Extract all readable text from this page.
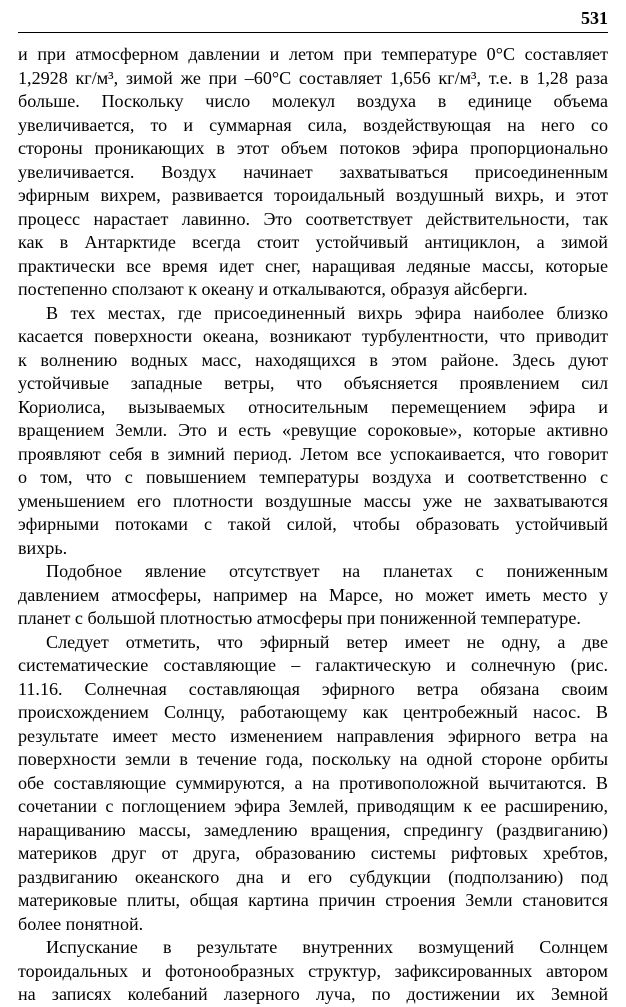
531
и при атмосферном давлении и летом при температуре 0°С составляет
1,2928 кг/м³, зимой же при –60°С составляет 1,656 кг/м³, т.е. в 1,28 раза
больше. Поскольку число молекул воздуха в единице объема
увеличивается, то и суммарная сила, воздействующая на него со
стороны проникающих в этот объем потоков эфира пропорционально
увеличивается. Воздух начинает захватываться присоединенным
эфирным вихрем, развивается тороидальный воздушный вихрь, и этот
процесс нарастает лавинно. Это соответствует действительности, так
как в Антарктиде всегда стоит устойчивый антициклон, а зимой
практически все время идет снег, наращивая ледяные массы, которые
постепенно сползают к океану и откалываются, образуя айсберги.
В тех местах, где присоединенный вихрь эфира наиболее близко
касается поверхности океана, возникают турбулентности, что приводит
к волнению водных масс, находящихся в этом районе. Здесь дуют
устойчивые западные ветры, что объясняется проявлением сил
Кориолиса, вызываемых относительным перемещением эфира и
вращением Земли. Это и есть «ревущие сороковые», которые активно
проявляют себя в зимний период. Летом все успокаивается, что говорит
о том, что с повышением температуры воздуха и соответственно с
уменьшением его плотности воздушные массы уже не захватываются
эфирными потоками с такой силой, чтобы образовать устойчивый
вихрь.
Подобное явление отсутствует на планетах с пониженным
давлением атмосферы, например на Марсе, но может иметь место у
планет с большой плотностью атмосферы при пониженной температуре.
Следует отметить, что эфирный ветер имеет не одну, а две
систематические составляющие – галактическую и солнечную (рис.
11.16. Солнечная составляющая эфирного ветра обязана своим
происхождением Солнцу, работающему как центробежный насос. В
результате имеет место изменением направления эфирного ветра на
поверхности земли в течение года, поскольку на одной стороне орбиты
обе составляющие суммируются, а на противоположной вычитаются. В
сочетании с поглощением эфира Землей, приводящим к ее расширению,
наращиванию массы, замедлению вращения, спредингу (раздвиганию)
материков друг от друга, образованию системы рифтовых хребтов,
раздвиганию океанского дна и его субдукции (подползанию) под
материковые плиты, общая картина причин строения Земли становится
более понятной.
Испускание в результате внутренних возмущений Солнцем
тороидальных и фотонообразных структур, зафиксированных автором
на записях колебаний лазерного луча, по достижении их Земной
